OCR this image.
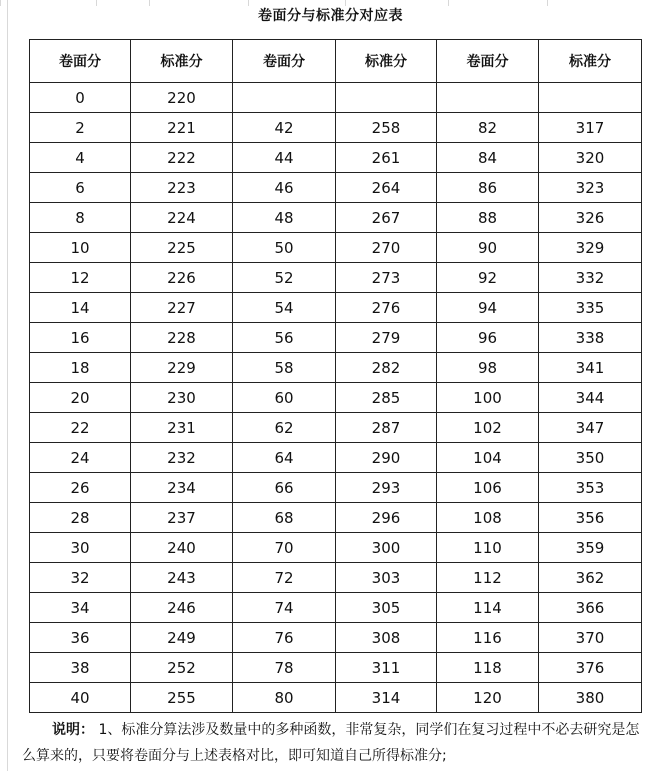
卷面分与标准分对应表
卷面分	标准分	卷面分	标准分	卷面分	标准分
0	220				
2	221	42	258	82	317
4	222	44	261	84	320
6	223	46	264	86	323
8	224	48	267	88	326
10	225	50	270	90	329
12	226	52	273	92	332
14	227	54	276	94	335
16	228	56	279	96	338
18	229	58	282	98	341
20	230	60	285	100	344
22	231	62	287	102	347
24	232	64	290	104	350
26	234	66	293	106	353
28	237	68	296	108	356
30	240	70	300	110	359
32	243	72	303	112	362
34	246	74	305	114	366
36	249	76	308	116	370
38	252	78	311	118	376
40	255	80	314	120	380
说明： 1、标准分算法涉及数量中的多种函数，非常复杂，同学们在复习过程中不必去研究是怎么算来的，只要将卷面分与上述表格对比，即可知道自己所得标准分;
